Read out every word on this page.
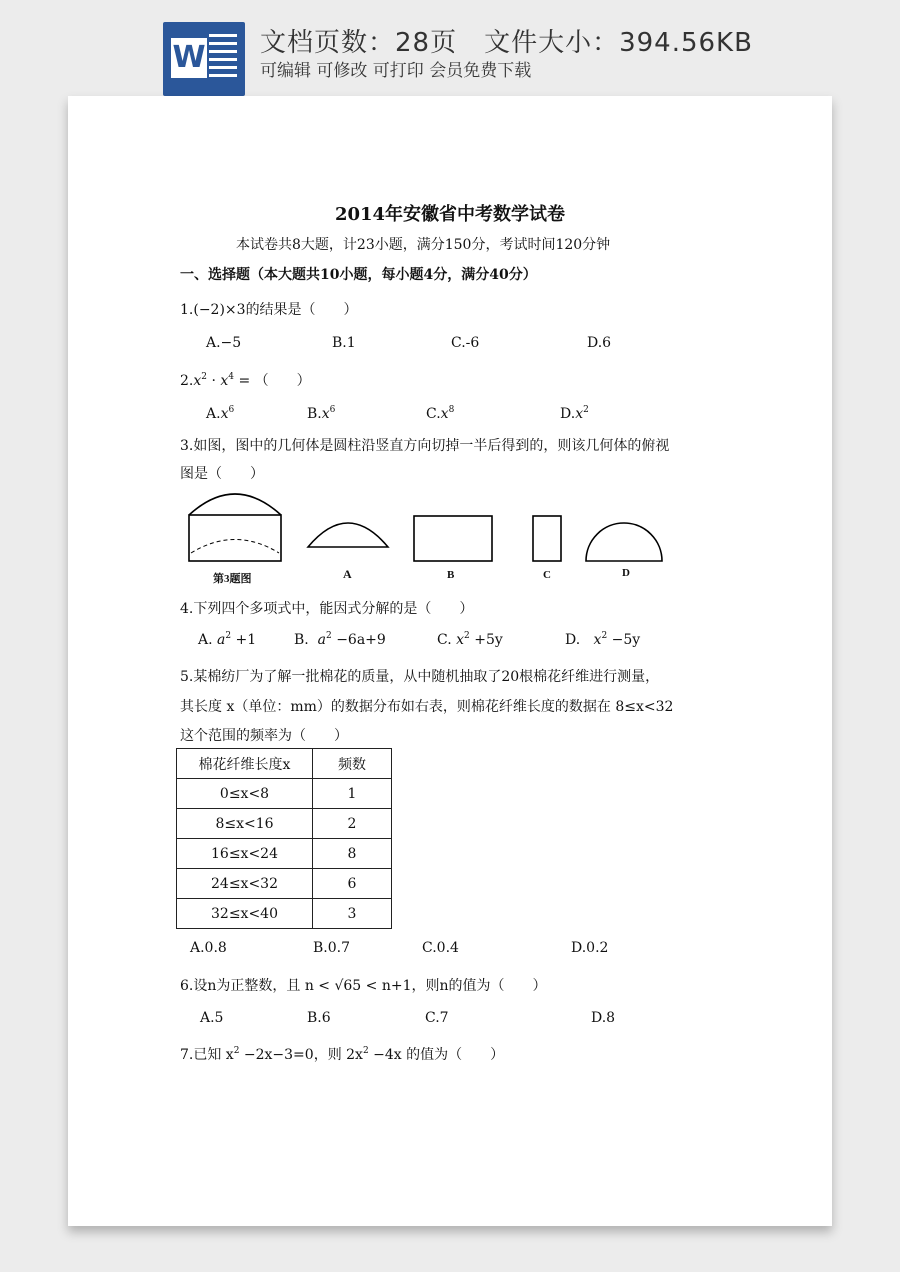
W 文档页数：28页　文件大小：394.56KB
可编辑 可修改 可打印 会员免费下载
2014年安徽省中考数学试卷
本试卷共8大题，计23小题，满分150分，考试时间120分钟
一、选择题（本大题共10小题，每小题4分，满分40分）
1.(−2)×3的结果是（　　）
A.−5	B.1	C.-6	D.6
$2.x^2 \cdot x^4$ = （　　）
$A.x^6$	$B.x^6$	$C.x^8$	$D.x^2$
3.如图，图中的几何体是圆柱沿竖直方向切掉一半后得到的，则该几何体的俯视
图是（　　）
第3题图	A	B	C	D
4.下列四个多项式中，能因式分解的是（　　）
A. $a^2 +1$	B. $a^2 -6a+9$	C. $x^2 +5y$	D. $x^2 -5y$
5.某棉纺厂为了解一批棉花的质量，从中随机抽取了20根棉花纤维进行测量，
其长度 x（单位：mm）的数据分布如右表，则棉花纤维长度的数据在 8≤x<32
这个范围的频率为（　　）
棉花纤维长度x	频数
0≤x<8	1
8≤x<16	2
16≤x<24	8
24≤x<32	6
32≤x<40	3
A.0.8	B.0.7	C.0.4	D.0.2
6.设n为正整数，且 n < √65 < n+1，则n的值为（　　）
A.5	B.6	C.7	D.8
7.已知 $x^2 -2x-3=0$，则 $2x^2 -4x$ 的值为（　　）
